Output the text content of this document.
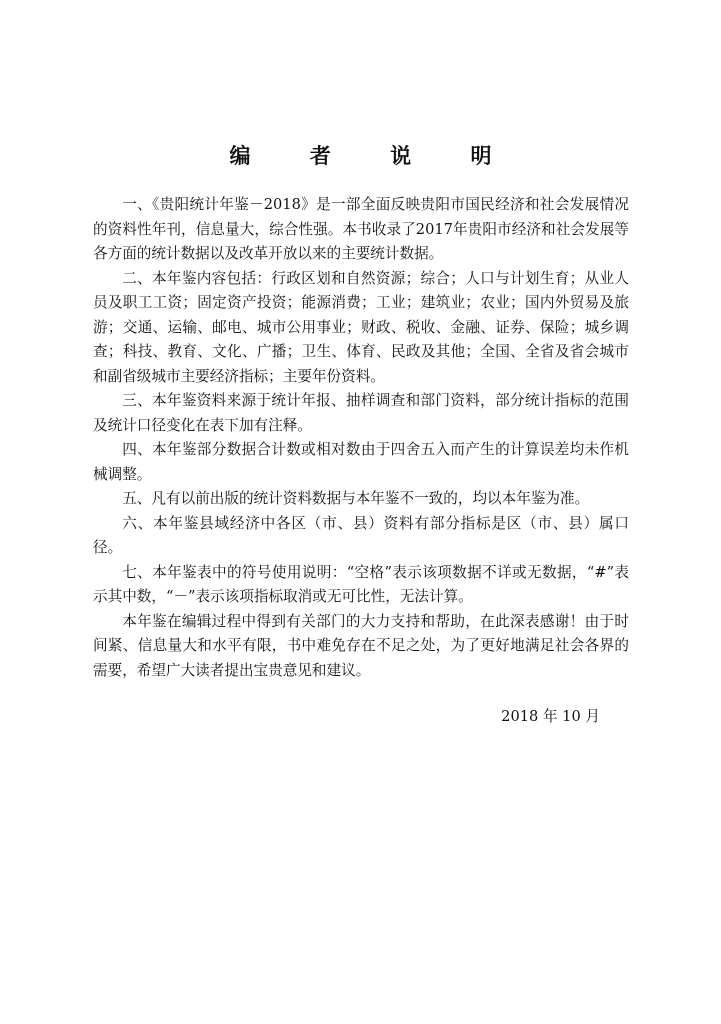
编 者 说 明

一、《贵阳统计年鉴－2018》是一部全面反映贵阳市国民经济和社会发展情况的资料性年刊，信息量大，综合性强。本书收录了2017年贵阳市经济和社会发展等各方面的统计数据以及改革开放以来的主要统计数据。

二、本年鉴内容包括：行政区划和自然资源；综合；人口与计划生育；从业人员及职工工资；固定资产投资；能源消费；工业；建筑业；农业；国内外贸易及旅游；交通、运输、邮电、城市公用事业；财政、税收、金融、证券、保险；城乡调查；科技、教育、文化、广播；卫生、体育、民政及其他；全国、全省及省会城市和副省级城市主要经济指标；主要年份资料。

三、本年鉴资料来源于统计年报、抽样调查和部门资料，部分统计指标的范围及统计口径变化在表下加有注释。

四、本年鉴部分数据合计数或相对数由于四舍五入而产生的计算误差均未作机械调整。

五、凡有以前出版的统计资料数据与本年鉴不一致的，均以本年鉴为准。

六、本年鉴县域经济中各区（市、县）资料有部分指标是区（市、县）属口径。

七、本年鉴表中的符号使用说明：“空格”表示该项数据不详或无数据，“#”表示其中数，“－”表示该项指标取消或无可比性，无法计算。

本年鉴在编辑过程中得到有关部门的大力支持和帮助，在此深表感谢！由于时间紧、信息量大和水平有限，书中难免存在不足之处，为了更好地满足社会各界的需要，希望广大读者提出宝贵意见和建议。

2018 年 10 月
